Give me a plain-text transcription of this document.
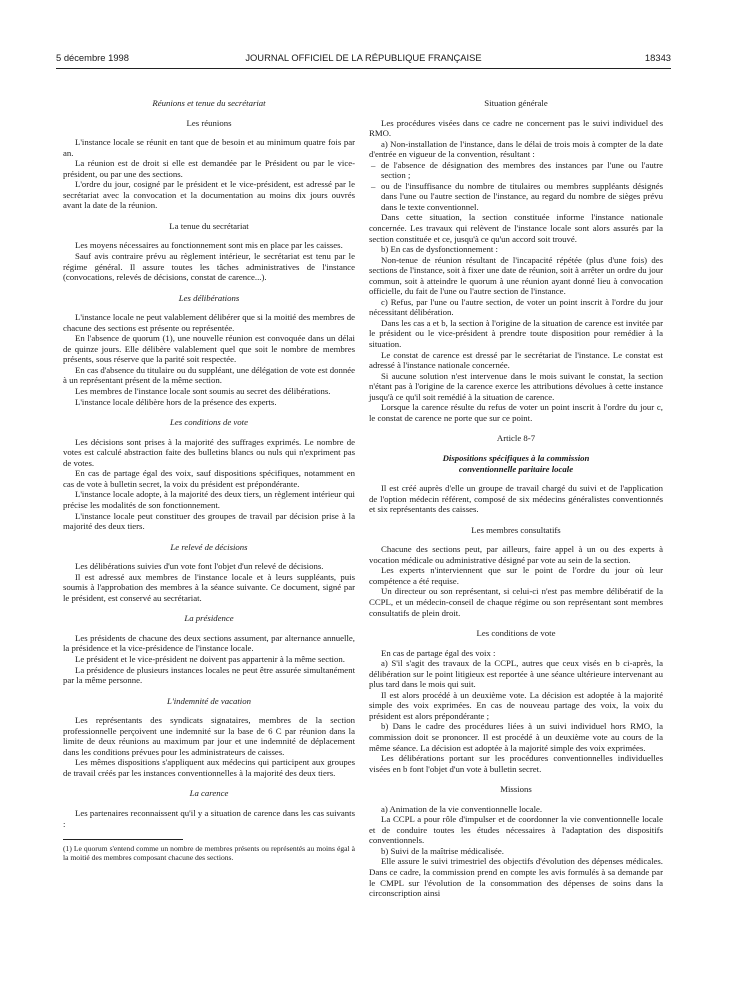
5 décembre 1998	JOURNAL OFFICIEL DE LA RÉPUBLIQUE FRANÇAISE	18343
Réunions et tenue du secrétariat
Les réunions

L'instance locale se réunit en tant que de besoin et au minimum quatre fois par an.

La réunion est de droit si elle est demandée par le Président ou par le vice-président, ou par une des sections.

L'ordre du jour, cosigné par le président et le vice-président, est adressé par le secrétariat avec la convocation et la documentation au moins dix jours ouvrés avant la date de la réunion.

La tenue du secrétariat

Les moyens nécessaires au fonctionnement sont mis en place par les caisses.

Sauf avis contraire prévu au règlement intérieur, le secrétariat est tenu par le régime général. Il assure toutes les tâches administratives de l'instance (convocations, relevés de décisions, constat de carence...).

Les délibérations

L'instance locale ne peut valablement délibérer que si la moitié des membres de chacune des sections est présente ou représentée.

En l'absence de quorum (1), une nouvelle réunion est convoquée dans un délai de quinze jours. Elle délibère valablement quel que soit le nombre de membres présents, sous réserve que la parité soit respectée.

En cas d'absence du titulaire ou du suppléant, une délégation de vote est donnée à un représentant présent de la même section.

Les membres de l'instance locale sont soumis au secret des délibérations.

L'instance locale délibère hors de la présence des experts.

Les conditions de vote

Les décisions sont prises à la majorité des suffrages exprimés. Le nombre de votes est calculé abstraction faite des bulletins blancs ou nuls qui n'expriment pas de votes.

En cas de partage égal des voix, sauf dispositions spécifiques, notamment en cas de vote à bulletin secret, la voix du président est prépondérante.

L'instance locale adopte, à la majorité des deux tiers, un règlement intérieur qui précise les modalités de son fonctionnement.

L'instance locale peut constituer des groupes de travail par décision prise à la majorité des deux tiers.

Le relevé de décisions

Les délibérations suivies d'un vote font l'objet d'un relevé de décisions.

Il est adressé aux membres de l'instance locale et à leurs suppléants, puis soumis à l'approbation des membres à la séance suivante. Ce document, signé par le président, est conservé au secrétariat.

La présidence

Les présidents de chacune des deux sections assument, par alternance annuelle, la présidence et la vice-présidence de l'instance locale.

Le président et le vice-président ne doivent pas appartenir à la même section.

La présidence de plusieurs instances locales ne peut être assurée simultanément par la même personne.

L'indemnité de vacation

Les représentants des syndicats signataires, membres de la section professionnelle perçoivent une indemnité sur la base de 6 C par réunion dans la limite de deux réunions au maximum par jour et une indemnité de déplacement dans les conditions prévues pour les administrateurs de caisses.

Les mêmes dispositions s'appliquent aux médecins qui participent aux groupes de travail créés par les instances conventionnelles à la majorité des deux tiers.

La carence

Les partenaires reconnaissent qu'il y a situation de carence dans les cas suivants :

(1) Le quorum s'entend comme un nombre de membres présents ou représentés au moins égal à la moitié des membres composant chacune des sections.

Situation générale

Les procédures visées dans ce cadre ne concernent pas le suivi individuel des RMO.

a) Non-installation de l'instance, dans le délai de trois mois à compter de la date d'entrée en vigueur de la convention, résultant :

– de l'absence de désignation des membres des instances par l'une ou l'autre section ;

– ou de l'insuffisance du nombre de titulaires ou membres suppléants désignés dans l'une ou l'autre section de l'instance, au regard du nombre de sièges prévu dans le texte conventionnel.

Dans cette situation, la section constituée informe l'instance nationale concernée. Les travaux qui relèvent de l'instance locale sont alors assurés par la section constituée et ce, jusqu'à ce qu'un accord soit trouvé.

b) En cas de dysfonctionnement :

Non-tenue de réunion résultant de l'incapacité répétée (plus d'une fois) des sections de l'instance, soit à fixer une date de réunion, soit à arrêter un ordre du jour commun, soit à atteindre le quorum à une réunion ayant donné lieu à convocation officielle, du fait de l'une ou l'autre section de l'instance.

c) Refus, par l'une ou l'autre section, de voter un point inscrit à l'ordre du jour nécessitant délibération.

Dans les cas a et b, la section à l'origine de la situation de carence est invitée par le président ou le vice-président à prendre toute disposition pour remédier à la situation.

Le constat de carence est dressé par le secrétariat de l'instance. Le constat est adressé à l'instance nationale concernée.

Si aucune solution n'est intervenue dans le mois suivant le constat, la section n'étant pas à l'origine de la carence exerce les attributions dévolues à cette instance jusqu'à ce qu'il soit remédié à la situation de carence.

Lorsque la carence résulte du refus de voter un point inscrit à l'ordre du jour c, le constat de carence ne porte que sur ce point.

Article 8-7
Dispositions spécifiques à la commission
conventionnelle paritaire locale

Il est créé auprès d'elle un groupe de travail chargé du suivi et de l'application de l'option médecin référent, composé de six médecins généralistes conventionnés et six représentants des caisses.

Les membres consultatifs

Chacune des sections peut, par ailleurs, faire appel à un ou des experts à vocation médicale ou administrative désigné par vote au sein de la section.

Les experts n'interviennent que sur le point de l'ordre du jour où leur compétence a été requise.

Un directeur ou son représentant, si celui-ci n'est pas membre délibératif de la CCPL, et un médecin-conseil de chaque régime ou son représentant sont membres consultatifs de plein droit.

Les conditions de vote

En cas de partage égal des voix :

a) S'il s'agit des travaux de la CCPL, autres que ceux visés en b ci-après, la délibération sur le point litigieux est reportée à une séance ultérieure intervenant au plus tard dans le mois qui suit.

Il est alors procédé à un deuxième vote. La décision est adoptée à la majorité simple des voix exprimées. En cas de nouveau partage des voix, la voix du président est alors prépondérante ;

b) Dans le cadre des procédures liées à un suivi individuel hors RMO, la commission doit se prononcer. Il est procédé à un deuxième vote au cours de la même séance. La décision est adoptée à la majorité simple des voix exprimées.

Les délibérations portant sur les procédures conventionnelles individuelles visées en b font l'objet d'un vote à bulletin secret.

Missions

a) Animation de la vie conventionnelle locale.

La CCPL a pour rôle d'impulser et de coordonner la vie conventionnelle locale et de conduire toutes les études nécessaires à l'adaptation des dispositifs conventionnels.

b) Suivi de la maîtrise médicalisée.

Elle assure le suivi trimestriel des objectifs d'évolution des dépenses médicales. Dans ce cadre, la commission prend en compte les avis formulés à sa demande par le CMPL sur l'évolution de la consommation des dépenses de soins dans la circonscription ainsi
